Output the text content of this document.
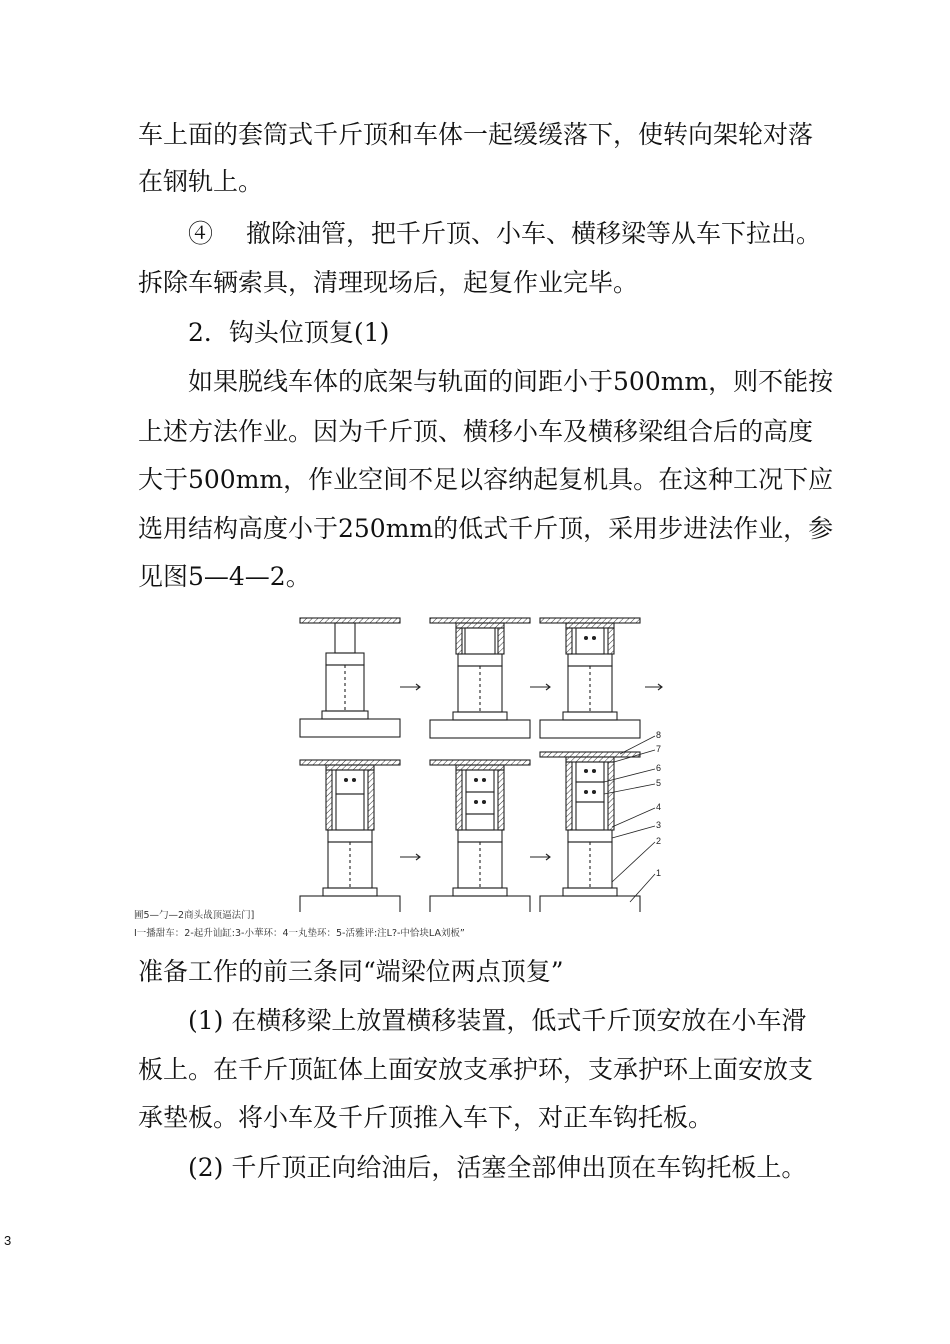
车上面的套筒式千斤顶和车体一起缓缓落下，使转向架轮对落

在钢轨上。

④　 撤除油管，把千斤顶、小车、横移梁等从车下拉出。

拆除车辆索具，清理现场后，起复作业完毕。

2．钩头位顶复(1)

如果脱线车体的底架与轨面的间距小于500mm，则不能按

上述方法作业。因为千斤顶、横移小车及横移梁组合后的高度

大于500mm，作业空间不足以容纳起复机具。在这种工况下应

选用结构高度小于250mm的低式千斤顶，采用步进法作业，参

见图5—4—2。

8
7
6
5
4
3
2
1
圃5—勹—2商头战顶逼法门]
I一播甜车：2-起升讪缸:3-小華环：4一丸垫环：5-活雅评:注L?-中恰块LA刘板”

准备工作的前三条同“端梁位两点顶复”

(1) 在横移梁上放置横移装置，低式千斤顶安放在小车滑

板上。在千斤顶缸体上面安放支承护环，支承护环上面安放支

承垫板。将小车及千斤顶推入车下，对正车钩托板。

(2) 千斤顶正向给油后，活塞全部伸出顶在车钩托板上。

3
